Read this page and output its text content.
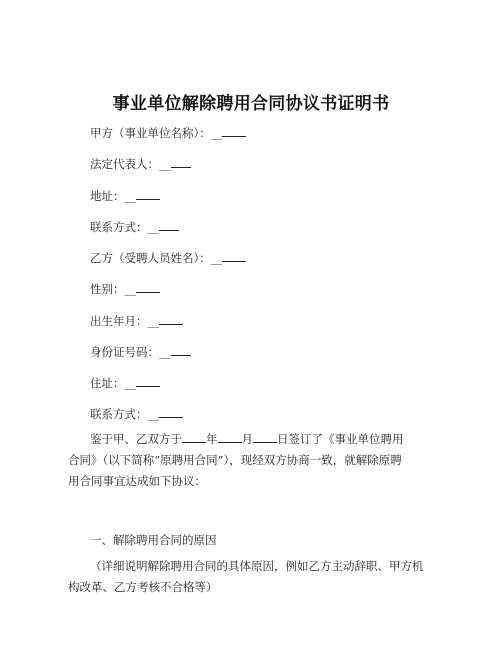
事业单位解除聘用合同协议书证明书
甲方（事业单位名称）：__
法定代表人：__
地址：__
联系方式：__
乙方（受聘人员姓名）：__
性别：__
出生年月：__
身份证号码：__
住址：__
联系方式：__
鉴于甲、乙双方于 年 月 日签订了《事业单位聘用
合同》（以下简称“原聘用合同”），现经双方协商一致，就解除原聘
用合同事宜达成如下协议：
一、解除聘用合同的原因
（详细说明解除聘用合同的具体原因，例如乙方主动辞职、甲方机
构改革、乙方考核不合格等）
